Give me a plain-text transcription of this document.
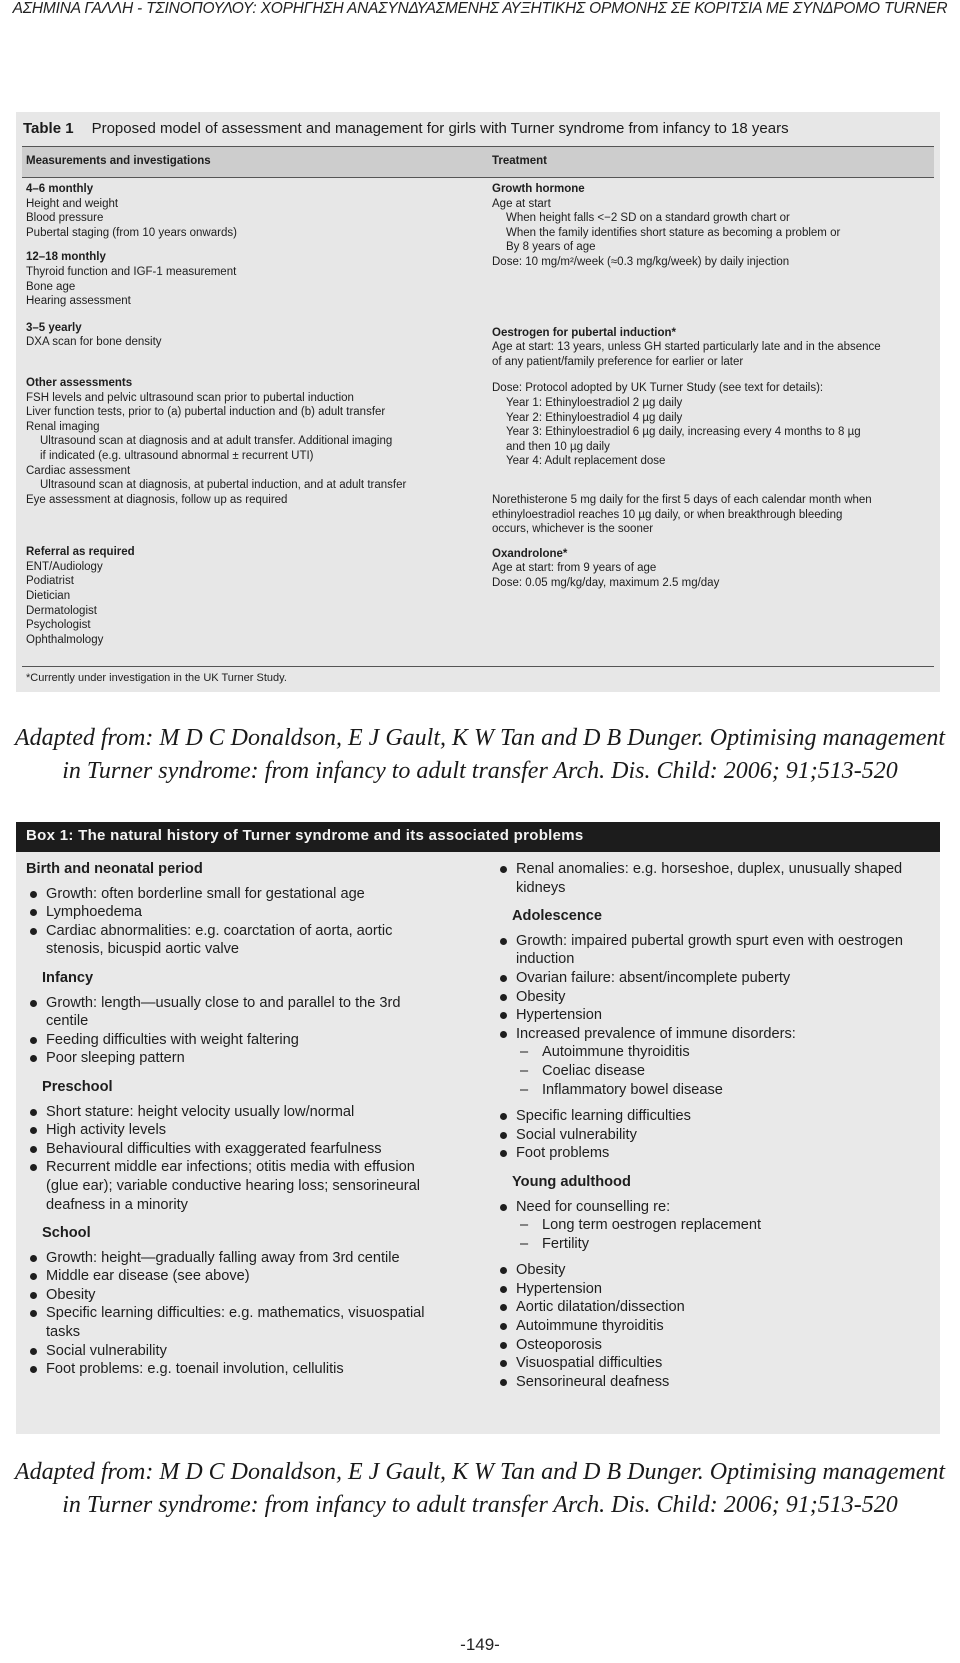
ΑΣΗΜΙΝΑ ΓΑΛΛΗ - ΤΣΙΝΟΠΟΥΛΟΥ: ΧΟΡΗΓΗΣΗ ΑΝΑΣΥΝΔΥΑΣΜΕΝΗΣ ΑΥΞΗΤΙΚΗΣ ΟΡΜΟΝΗΣ ΣΕ ΚΟΡΙΤΣΙΑ ΜΕ ΣΥΝΔΡΟΜΟ TURNER
Table 1 Proposed model of assessment and management for girls with Turner syndrome from infancy to 18 years
Measurements and investigations	Treatment
4–6 monthly
Height and weight
Blood pressure
Pubertal staging (from 10 years onwards)
12–18 monthly
Thyroid function and IGF-1 measurement
Bone age
Hearing assessment
3–5 yearly
DXA scan for bone density
Other assessments
FSH levels and pelvic ultrasound scan prior to pubertal induction
Liver function tests, prior to (a) pubertal induction and (b) adult transfer
Renal imaging
Ultrasound scan at diagnosis and at adult transfer. Additional imaging
if indicated (e.g. ultrasound abnormal ± recurrent UTI)
Cardiac assessment
Ultrasound scan at diagnosis, at pubertal induction, and at adult transfer
Eye assessment at diagnosis, follow up as required
Referral as required
ENT/Audiology
Podiatrist
Dietician
Dermatologist
Psychologist
Ophthalmology
Growth hormone
Age at start
When height falls <−2 SD on a standard growth chart or
When the family identifies short stature as becoming a problem or
By 8 years of age
Dose: 10 mg/m²/week (≈0.3 mg/kg/week) by daily injection
Oestrogen for pubertal induction*
Age at start: 13 years, unless GH started particularly late and in the absence
of any patient/family preference for earlier or later
Dose: Protocol adopted by UK Turner Study (see text for details):
Year 1: Ethinyloestradiol 2 µg daily
Year 2: Ethinyloestradiol 4 µg daily
Year 3: Ethinyloestradiol 6 µg daily, increasing every 4 months to 8 µg
and then 10 µg daily
Year 4: Adult replacement dose
Norethisterone 5 mg daily for the first 5 days of each calendar month when
ethinyloestradiol reaches 10 µg daily, or when breakthrough bleeding
occurs, whichever is the sooner
Oxandrolone*
Age at start: from 9 years of age
Dose: 0.05 mg/kg/day, maximum 2.5 mg/day
*Currently under investigation in the UK Turner Study.
Adapted from: M D C Donaldson, E J Gault, K W Tan and D B Dunger. Optimising management
in Turner syndrome: from infancy to adult transfer Arch. Dis. Child: 2006; 91;513-520
Box 1: The natural history of Turner syndrome and its associated problems
Birth and neonatal period
Growth: often borderline small for gestational age
Lymphoedema
Cardiac abnormalities: e.g. coarctation of aorta, aortic stenosis, bicuspid aortic valve
Infancy
Growth: length—usually close to and parallel to the 3rd centile
Feeding difficulties with weight faltering
Poor sleeping pattern
Preschool
Short stature: height velocity usually low/normal
High activity levels
Behavioural difficulties with exaggerated fearfulness
Recurrent middle ear infections; otitis media with effusion (glue ear); variable conductive hearing loss; sensorineural deafness in a minority
School
Growth: height—gradually falling away from 3rd centile
Middle ear disease (see above)
Obesity
Specific learning difficulties: e.g. mathematics, visuospatial tasks
Social vulnerability
Foot problems: e.g. toenail involution, cellulitis
Renal anomalies: e.g. horseshoe, duplex, unusually shaped kidneys
Adolescence
Growth: impaired pubertal growth spurt even with oestrogen induction
Ovarian failure: absent/incomplete puberty
Obesity
Hypertension
Increased prevalence of immune disorders:
– Autoimmune thyroiditis
– Coeliac disease
– Inflammatory bowel disease
Specific learning difficulties
Social vulnerability
Foot problems
Young adulthood
Need for counselling re:
– Long term oestrogen replacement
– Fertility
Obesity
Hypertension
Aortic dilatation/dissection
Autoimmune thyroiditis
Osteoporosis
Visuospatial difficulties
Sensorineural deafness
Adapted from: M D C Donaldson, E J Gault, K W Tan and D B Dunger. Optimising management
in Turner syndrome: from infancy to adult transfer Arch. Dis. Child: 2006; 91;513-520
-149-
